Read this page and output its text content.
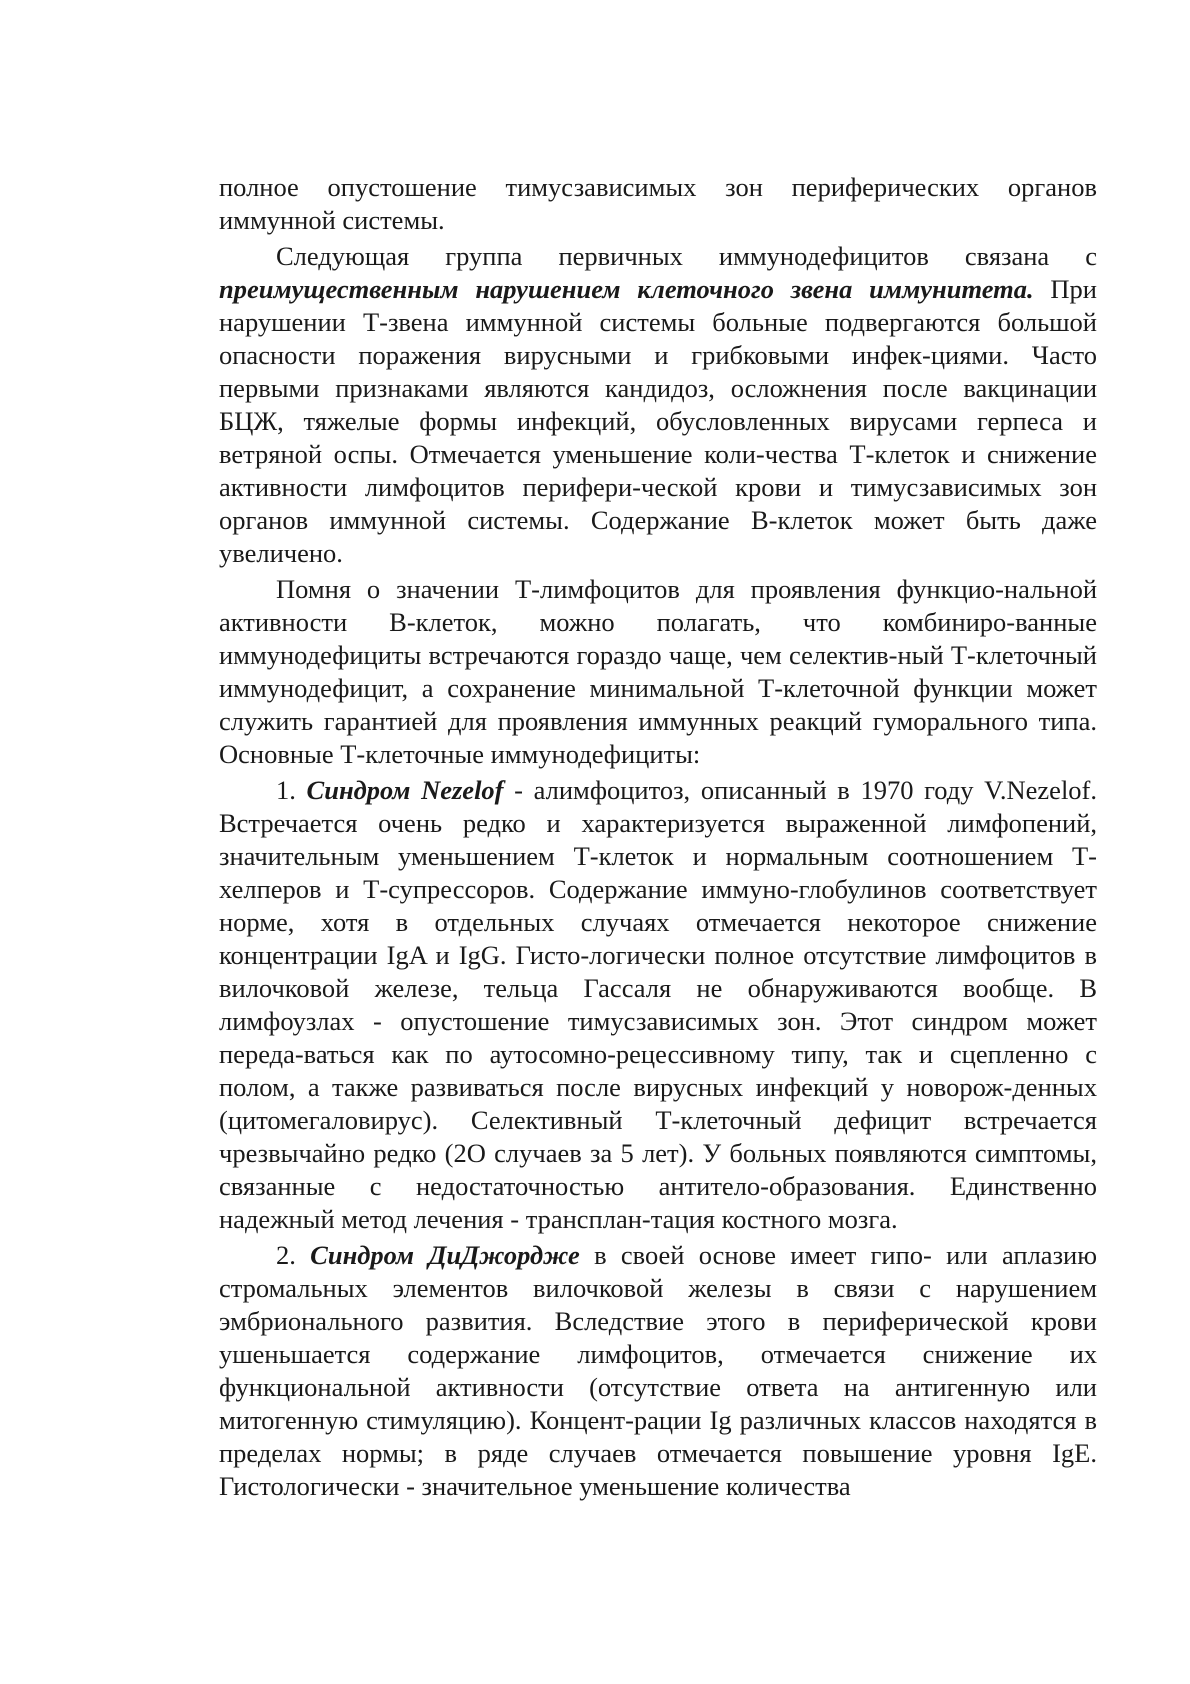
полное опустошение тимусзависимых зон периферических органов иммунной системы.

Следующая группа первичных иммунодефицитов связана с преимущественным нарушением клеточного звена иммунитета. При нарушении Т-звена иммунной системы больные подвергаются большой опасности поражения вирусными и грибковыми инфек-циями. Часто первыми признаками являются кандидоз, осложнения после вакцинации БЦЖ, тяжелые формы инфекций, обусловленных вирусами герпеса и ветряной оспы. Отмечается уменьшение коли-чества Т-клеток и снижение активности лимфоцитов перифери-ческой крови и тимусзависимых зон органов иммунной системы. Содержание В-клеток может быть даже увеличено.

Помня о значении Т-лимфоцитов для проявления функцио-нальной активности В-клеток, можно полагать, что комбиниро-ванные иммунодефициты встречаются гораздо чаще, чем селектив-ный Т-клеточный иммунодефицит, а сохранение минимальной Т-клеточной функции может служить гарантией для проявления иммунных реакций гуморального типа. Основные Т-клеточные иммунодефициты:

1. Синдром Nezelof - алимфоцитоз, описанный в 1970 году V.Nezelof. Встречается очень редко и характеризуется выраженной лимфопений, значительным уменьшением Т-клеток и нормальным соотношением Т-хелперов и Т-супрессоров. Содержание иммуно-глобулинов соответствует норме, хотя в отдельных случаях отмечается некоторое снижение концентрации IgA и IgG. Гисто-логически полное отсутствие лимфоцитов в вилочковой железе, тельца Гассаля не обнаруживаются вообще. В лимфоузлах - опустошение тимусзависимых зон. Этот синдром может переда-ваться как по аутосомно-рецессивному типу, так и сцепленно с полом, а также развиваться после вирусных инфекций у новорож-денных (цитомегаловирус). Селективный Т-клеточный дефицит встречается чрезвычайно редко (2О случаев за 5 лет). У больных появляются симптомы, связанные с недостаточностью антитело-образования. Единственно надежный метод лечения - трансплан-тация костного мозга.

2. Синдром ДиДжордже в своей основе имеет гипо- или аплазию стромальных элементов вилочковой железы в связи с нарушением эмбрионального развития. Вследствие этого в периферической крови ушеньшается содержание лимфоцитов, отмечается снижение их функциональной активности (отсутствие ответа на антигенную или митогенную стимуляцию). Концент-рации Ig различных классов находятся в пределах нормы; в ряде случаев отмечается повышение уровня IgE. Гистологически - значительное уменьшение количества
